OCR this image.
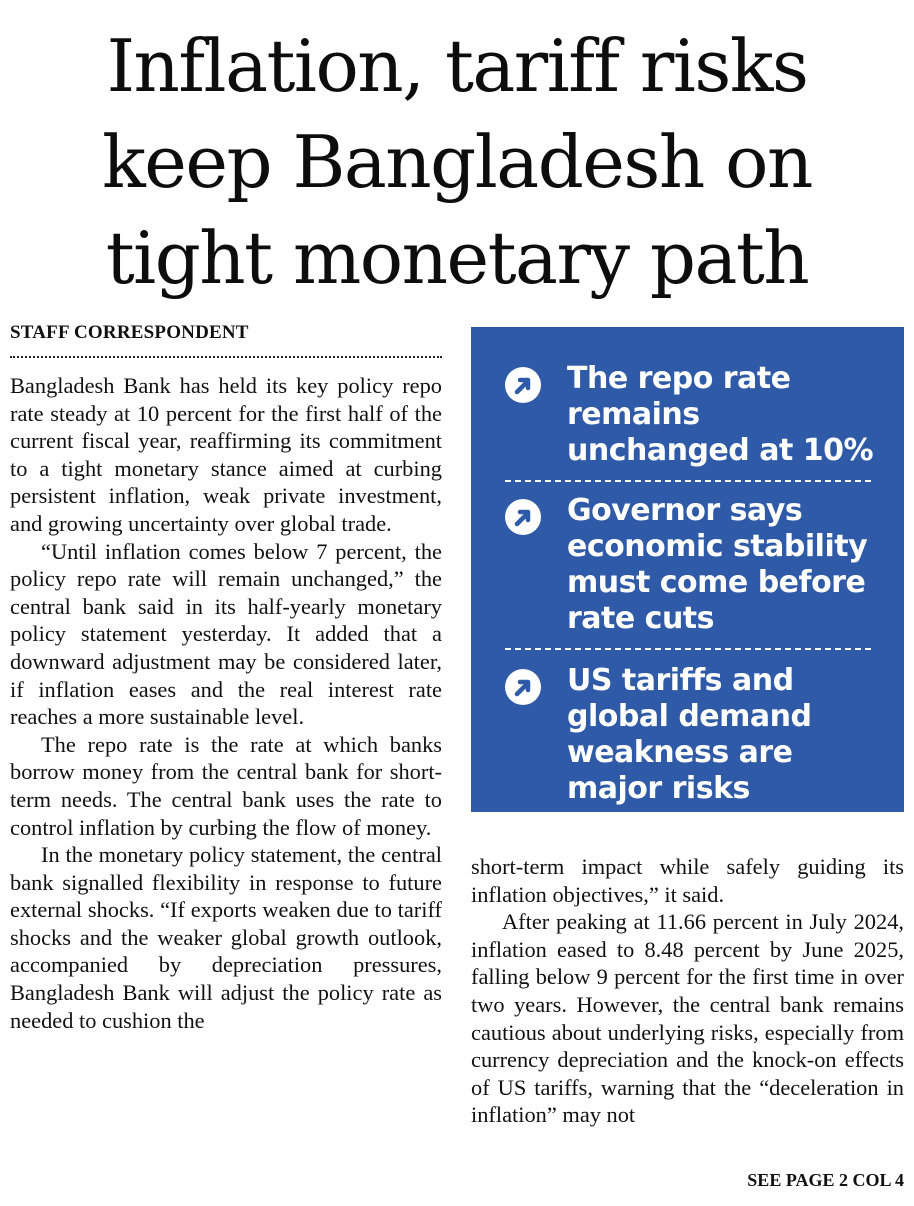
Inflation, tariff risks
keep Bangladesh on
tight monetary path
STAFF CORRESPONDENT

Bangladesh Bank has held its key policy repo rate steady at 10 percent for the first half of the current fiscal year, reaffirming its commitment to a tight monetary stance aimed at curbing persistent inflation, weak private investment, and growing uncertainty over global trade.

“Until inflation comes below 7 percent, the policy repo rate will remain unchanged,” the central bank said in its half-yearly monetary policy statement yesterday. It added that a downward adjustment may be considered later, if inflation eases and the real interest rate reaches a more sustainable level.

The repo rate is the rate at which banks borrow money from the central bank for short-term needs. The central bank uses the rate to control inflation by curbing the flow of money.

In the monetary policy statement, the central bank signalled flexibility in response to future external shocks. “If exports weaken due to tariff shocks and the weaker global growth outlook, accompanied by depreciation pressures, Bangladesh Bank will adjust the policy rate as needed to cushion the

The repo rate remains unchanged at 10%
Governor says economic stability must come before rate cuts
US tariffs and global demand weakness are major risks

short-term impact while safely guiding its inflation objectives,” it said.

After peaking at 11.66 percent in July 2024, inflation eased to 8.48 percent by June 2025, falling below 9 percent for the first time in over two years. However, the central bank remains cautious about underlying risks, especially from currency depreciation and the knock-on effects of US tariffs, warning that the “deceleration in inflation” may not

SEE PAGE 2 COL 4
